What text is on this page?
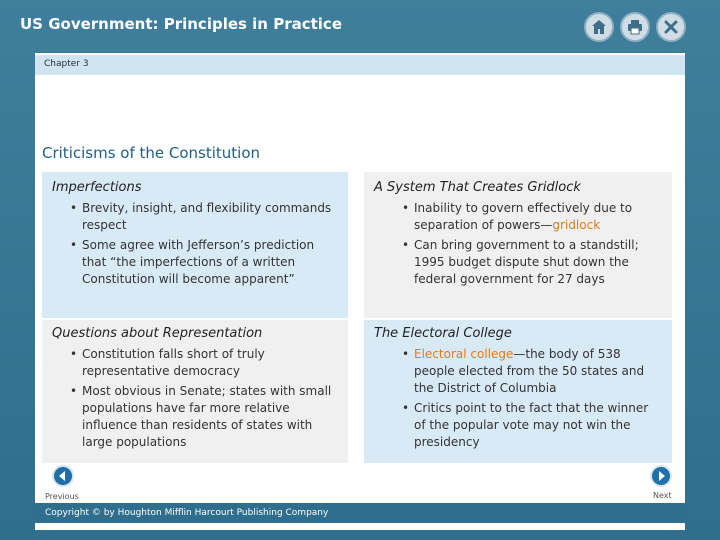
US Government: Principles in Practice
Chapter 3
Criticisms of the Constitution
Imperfections
• Brevity, insight, and flexibility commands respect
• Some agree with Jefferson’s prediction that “the imperfections of a written Constitution will become apparent”
A System That Creates Gridlock
• Inability to govern effectively due to separation of powers—gridlock
• Can bring government to a standstill; 1995 budget dispute shut down the federal government for 27 days
Questions about Representation
• Constitution falls short of truly representative democracy
• Most obvious in Senate; states with small populations have far more relative influence than residents of states with large populations
The Electoral College
• Electoral college—the body of 538 people elected from the 50 states and the District of Columbia
• Critics point to the fact that the winner of the popular vote may not win the presidency
Previous	Next
Copyright © by Houghton Mifflin Harcourt Publishing Company
